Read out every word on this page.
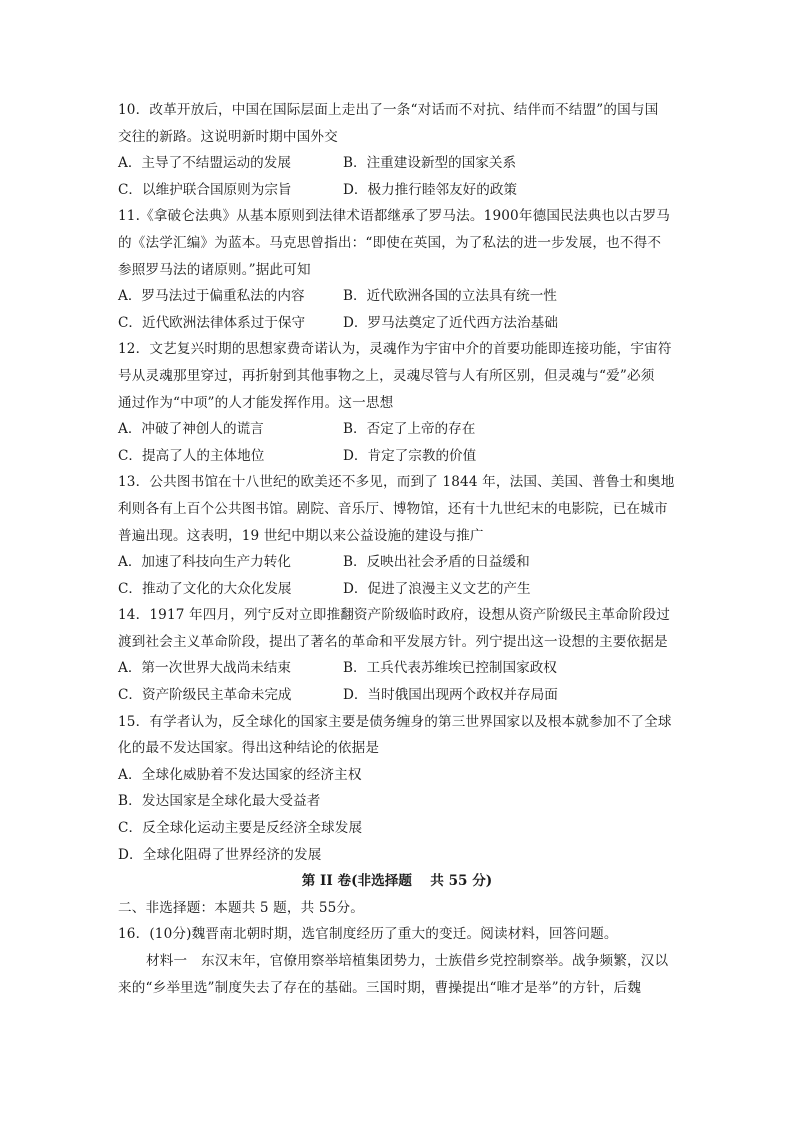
10．改革开放后，中国在国际层面上走出了一条“对话而不对抗、结伴而不结盟”的国与国
交往的新路。这说明新时期中国外交
A．主导了不结盟运动的发展	B．注重建设新型的国家关系
C．以维护联合国原则为宗旨	D．极力推行睦邻友好的政策
11.《拿破仑法典》从基本原则到法律术语都继承了罗马法。1900年德国民法典也以古罗马
的《法学汇编》为蓝本。马克思曾指出：“即使在英国，为了私法的进一步发展，也不得不
参照罗马法的诸原则。”据此可知
A．罗马法过于偏重私法的内容	B．近代欧洲各国的立法具有统一性
C．近代欧洲法律体系过于保守	D．罗马法奠定了近代西方法治基础
12．文艺复兴时期的思想家费奇诺认为，灵魂作为宇宙中介的首要功能即连接功能，宇宙符
号从灵魂那里穿过，再折射到其他事物之上，灵魂尽管与人有所区别，但灵魂与“爱”必须
通过作为“中项”的人才能发挥作用。这一思想
A．冲破了神创人的谎言	B．否定了上帝的存在
C．提高了人的主体地位	D．肯定了宗教的价值
13．公共图书馆在十八世纪的欧美还不多见，而到了 1844 年，法国、美国、普鲁士和奥地
利则各有上百个公共图书馆。剧院、音乐厅、博物馆，还有十九世纪末的电影院，已在城市
普遍出现。这表明，19 世纪中期以来公益设施的建设与推广
A．加速了科技向生产力转化	B．反映出社会矛盾的日益缓和
C．推动了文化的大众化发展	D．促进了浪漫主义文艺的产生
14．1917 年四月，列宁反对立即推翻资产阶级临时政府，设想从资产阶级民主革命阶段过
渡到社会主义革命阶段，提出了著名的革命和平发展方针。列宁提出这一设想的主要依据是
A．第一次世界大战尚未结束	B．工兵代表苏维埃已控制国家政权
C．资产阶级民主革命未完成	D．当时俄国出现两个政权并存局面
15．有学者认为，反全球化的国家主要是债务缠身的第三世界国家以及根本就参加不了全球
化的最不发达国家。得出这种结论的依据是
A．全球化威胁着不发达国家的经济主权
B．发达国家是全球化最大受益者
C．反全球化运动主要是反经济全球发展
D．全球化阻碍了世界经济的发展
第 II 卷(非选择题　 共 55 分)
二、非选择题：本题共 5 题，共 55分。
16．(10分)魏晋南北朝时期，选官制度经历了重大的变迁。阅读材料，回答问题。
材料一　东汉末年，官僚用察举培植集团势力，士族借乡党控制察举。战争频繁，汉以
来的“乡举里选”制度失去了存在的基础。三国时期，曹操提出“唯才是举”的方针，后魏
